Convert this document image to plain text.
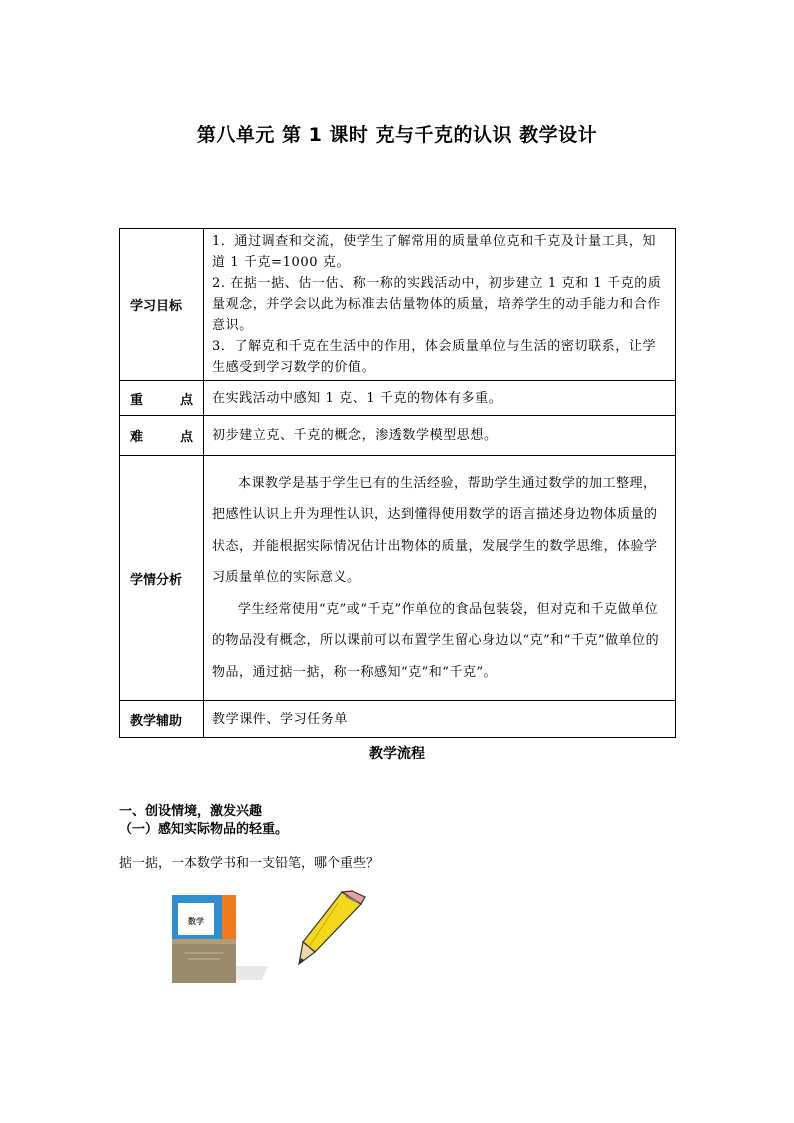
第八单元 第 1 课时 克与千克的认识 教学设计
学习目标	1．通过调查和交流，使学生了解常用的质量单位克和千克及计量工具，知道 1 千克=1000 克。

2. 在掂一掂、估一估、称一称的实践活动中，初步建立 1 克和 1 千克的质量观念，并学会以此为标准去估量物体的质量，培养学生的动手能力和合作意识。

3．了解克和千克在生活中的作用，体会质量单位与生活的密切联系，让学生感受到学习数学的价值。

重 点	在实践活动中感知 1 克、1 千克的物体有多重。
难 点	初步建立克、千克的概念，渗透数学模型思想。
学情分析	本课教学是基于学生已有的生活经验，帮助学生通过数学的加工整理，把感性认识上升为理性认识，达到懂得使用数学的语言描述身边物体质量的状态，并能根据实际情况估计出物体的质量，发展学生的数学思维，体验学习质量单位的实际意义。

学生经常使用“克”或“千克”作单位的食品包装袋，但对克和千克做单位的物品没有概念，所以课前可以布置学生留心身边以“克”和“千克”做单位的物品，通过掂一掂，称一称感知“克”和“千克”。

教学辅助	教学课件、学习任务单
教学流程
一、创设情境，激发兴趣
（一）感知实际物品的轻重。
掂一掂，一本数学书和一支铅笔，哪个重些？
数学
